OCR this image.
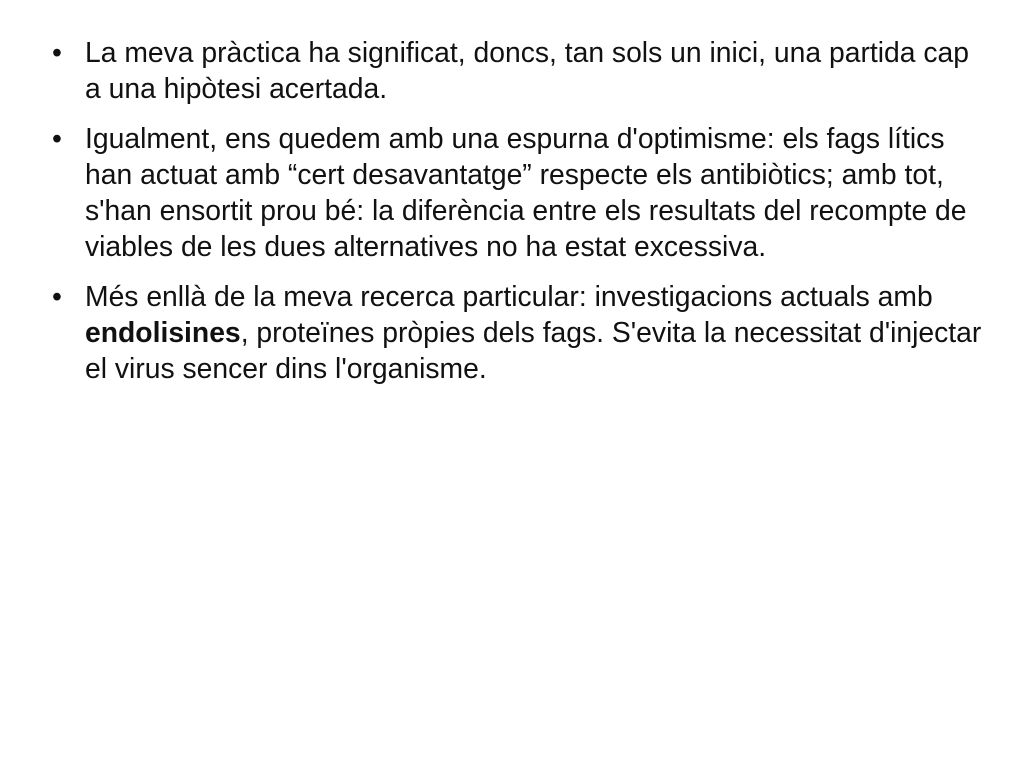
• La meva pràctica ha significat, doncs, tan sols un inici, una partida cap a una hipòtesi acertada.
• Igualment, ens quedem amb una espurna d'optimisme: els fags lítics han actuat amb “cert desavantatge” respecte els antibiòtics; amb tot, s'han ensortit prou bé: la diferència entre els resultats del recompte de viables de les dues alternatives no ha estat excessiva.
• Més enllà de la meva recerca particular: investigacions actuals amb endolisines, proteïnes pròpies dels fags. S'evita la necessitat d'injectar el virus sencer dins l'organisme.
